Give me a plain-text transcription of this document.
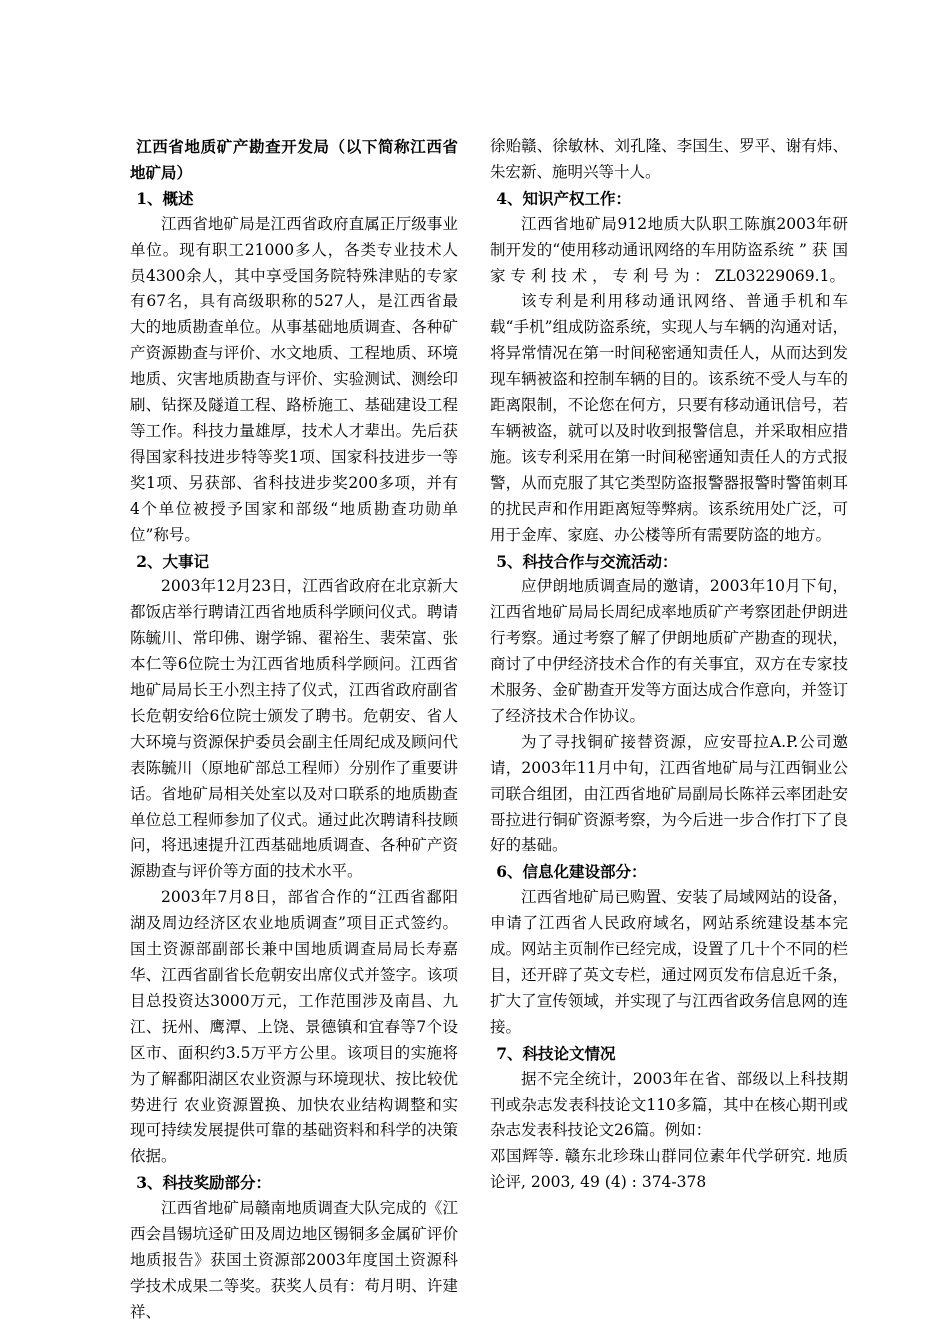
江西省地质矿产勘查开发局（以下简称江西省地矿局）

1、概述

江西省地矿局是江西省政府直属正厅级事业单位。现有职工21000多人，各类专业技术人员4300余人，其中享受国务院特殊津贴的专家有67名，具有高级职称的527人，是江西省最大的地质勘查单位。从事基础地质调查、各种矿产资源勘查与评价、水文地质、工程地质、环境地质、灾害地质勘查与评价、实验测试、测绘印刷、钻探及隧道工程、路桥施工、基础建设工程等工作。科技力量雄厚，技术人才辈出。先后获得国家科技进步特等奖1项、国家科技进步一等奖1项、另获部、省科技进步奖200多项，并有4个单位被授予国家和部级“地质勘查功勋单位”称号。

2、大事记

2003年12月23日，江西省政府在北京新大都饭店举行聘请江西省地质科学顾问仪式。聘请陈毓川、常印佛、谢学锦、翟裕生、裴荣富、张本仁等6位院士为江西省地质科学顾问。江西省地矿局局长王小烈主持了仪式，江西省政府副省长危朝安给6位院士颁发了聘书。危朝安、省人大环境与资源保护委员会副主任周纪成及顾问代表陈毓川（原地矿部总工程师）分别作了重要讲话。省地矿局相关处室以及对口联系的地质勘查单位总工程师参加了仪式。通过此次聘请科技顾问，将迅速提升江西基础地质调查、各种矿产资源勘查与评价等方面的技术水平。

2003年7月8日，部省合作的“江西省鄱阳湖及周边经济区农业地质调查”项目正式签约。国土资源部副部长兼中国地质调查局局长寿嘉华、江西省副省长危朝安出席仪式并签字。该项目总投资达3000万元，工作范围涉及南昌、九江、抚州、鹰潭、上饶、景德镇和宜春等7个设区市、面积约3.5万平方公里。该项目的实施将为了解鄱阳湖区农业资源与环境现状、按比较优势进行 农业资源置换、加快农业结构调整和实现可持续发展提供可靠的基础资料和科学的决策依据。

3、科技奖励部分：

江西省地矿局赣南地质调查大队完成的《江西会昌锡坑迳矿田及周边地区锡铜多金属矿评价地质报告》获国土资源部2003年度国土资源科学技术成果二等奖。获奖人员有：苟月明、许建祥、

徐贻赣、徐敏林、刘孔隆、李国生、罗平、谢有炜、朱宏新、施明兴等十人。

4、知识产权工作：

江西省地矿局912地质大队职工陈旗2003年研制开发的“使用移动通讯网络的车用防盗系统 ” 获 国 家 专 利 技 术 ， 专 利 号 为 ： ZL03229069.1。

该专利是利用移动通讯网络、普通手机和车载“手机”组成防盗系统，实现人与车辆的沟通对话，将异常情况在第一时间秘密通知责任人，从而达到发现车辆被盗和控制车辆的目的。该系统不受人与车的距离限制，不论您在何方，只要有移动通讯信号，若车辆被盗，就可以及时收到报警信息，并采取相应措施。该专利采用在第一时间秘密通知责任人的方式报警，从而克服了其它类型防盗报警器报警时警笛刺耳的扰民声和作用距离短等弊病。该系统用处广泛，可用于金库、家庭、办公楼等所有需要防盗的地方。

5、科技合作与交流活动：

应伊朗地质调查局的邀请，2003年10月下旬，江西省地矿局局长周纪成率地质矿产考察团赴伊朗进行考察。通过考察了解了伊朗地质矿产勘查的现状，商讨了中伊经济技术合作的有关事宜，双方在专家技术服务、金矿勘查开发等方面达成合作意向，并签订了经济技术合作协议。

为了寻找铜矿接替资源，应安哥拉A.P.公司邀请，2003年11月中旬，江西省地矿局与江西铜业公司联合组团，由江西省地矿局副局长陈祥云率团赴安哥拉进行铜矿资源考察，为今后进一步合作打下了良好的基础。

6、信息化建设部分：

江西省地矿局已购置、安装了局域网站的设备，申请了江西省人民政府域名，网站系统建设基本完成。网站主页制作已经完成，设置了几十个不同的栏目，还开辟了英文专栏，通过网页发布信息近千条，扩大了宣传领域，并实现了与江西省政务信息网的连接。

7、科技论文情况

据不完全统计，2003年在省、部级以上科技期刊或杂志发表科技论文110多篇，其中在核心期刊或杂志发表科技论文26篇。例如：

邓国辉等. 赣东北珍珠山群同位素年代学研究. 地质论评, 2003, 49 (4) : 374-378
